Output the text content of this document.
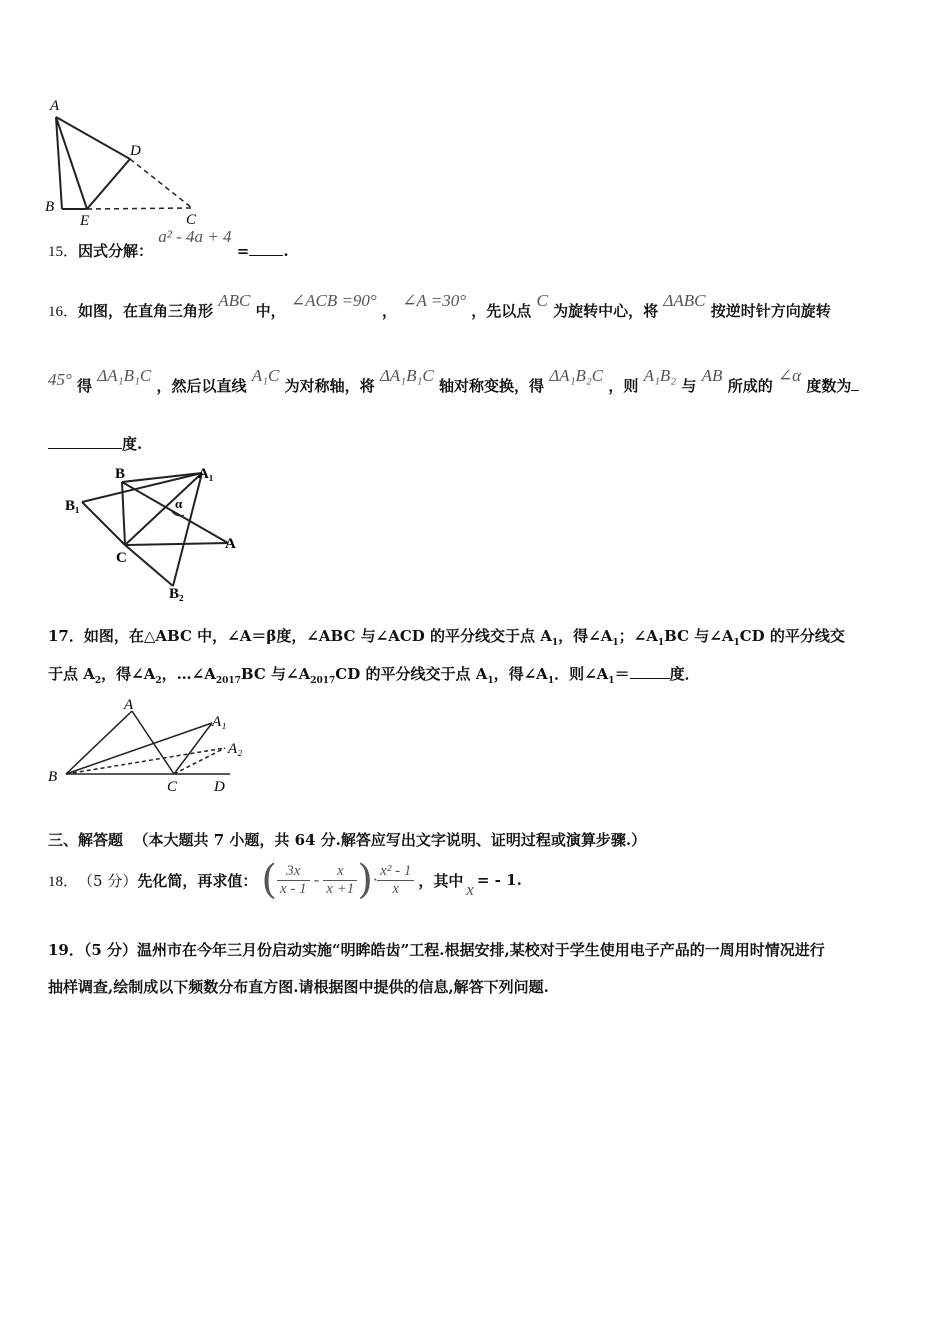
A
D
B
E	C
15．因式分解： a² - 4a + 4 = .
16．如图，在直角三角形 ABC 中， ∠ACB =90° ， ∠A =30° ，先以点 C 为旋转中心，将 ΔABC 按逆时针方向旋转
45° 得 ΔA₁B₁C ，然后以直线 A₁C 为对称轴，将 ΔA₁B₁C 轴对称变换，得 ΔA₁B₂C ，则 A₁B₂ 与 AB 所成的 ∠α 度数为
度.
B	A₁
B₁	α
C
A
B₂
17．如图，在△ABC 中，∠A＝β度，∠ABC 与∠ACD 的平分线交于点 $A_1$，得$\angle A_1$；$\angle A_1BC$ 与$\angle A_1CD$ 的平分线交
于点 $A_2$，得$\angle A_2$，$\dots\angle A_{2017}BC$ 与$\angle A_{2017}CD$ 的平分线交于点 $A_1$，得$\angle A_1$．则$\angle A_1=$	度．
A
A₁
A₂
B
C D
三、解答题 （本大题共 7 小题，共 64 分.解答应写出文字说明、证明过程或演算步骤.）
18． （5 分） 先化简，再求值： ( 3x
x - 1 -	x
x +1 ) · x² - 1
x	，其中 x = - 1.
19．（5 分）温州市在今年三月份启动实施“明眸皓齿”工程.根据安排,某校对于学生使用电子产品的一周用时情况进行
抽样调查,绘制成以下频数分布直方图.请根据图中提供的信息,解答下列问题.
